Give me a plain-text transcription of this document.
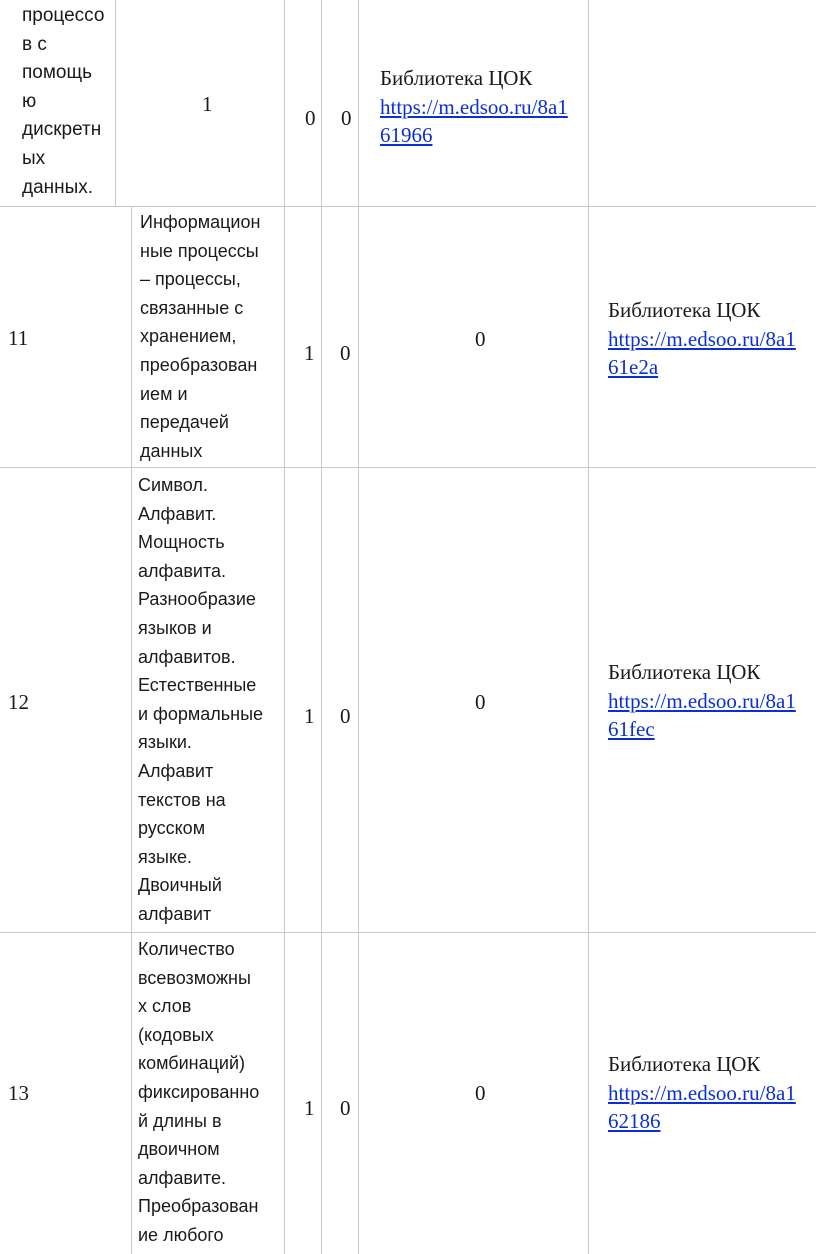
процессо
в с
помощь
ю
дискретн
ых
данных.
1
0 0
Библиотека ЦОК
https://m.edsoo.ru/8a1
61966
11
Информацион
ные процессы
– процессы,
связанные с
хранением,
преобразован
ием и
передачей
данных
1 0
0
Библиотека ЦОК
https://m.edsoo.ru/8a1
61e2a
12
Символ.
Алфавит.
Мощность
алфавита.
Разнообразие
языков и
алфавитов.
Естественные
и формальные
языки.
Алфавит
текстов на
русском
языке.
Двоичный
алфавит
1 0
0
Библиотека ЦОК
https://m.edsoo.ru/8a1
61fec
13
Количество
всевозможны
х слов
(кодовых
комбинаций)
фиксированно
й длины в
двоичном
алфавите.
Преобразован
ие любого
1 0
0
Библиотека ЦОК
https://m.edsoo.ru/8a1
62186
